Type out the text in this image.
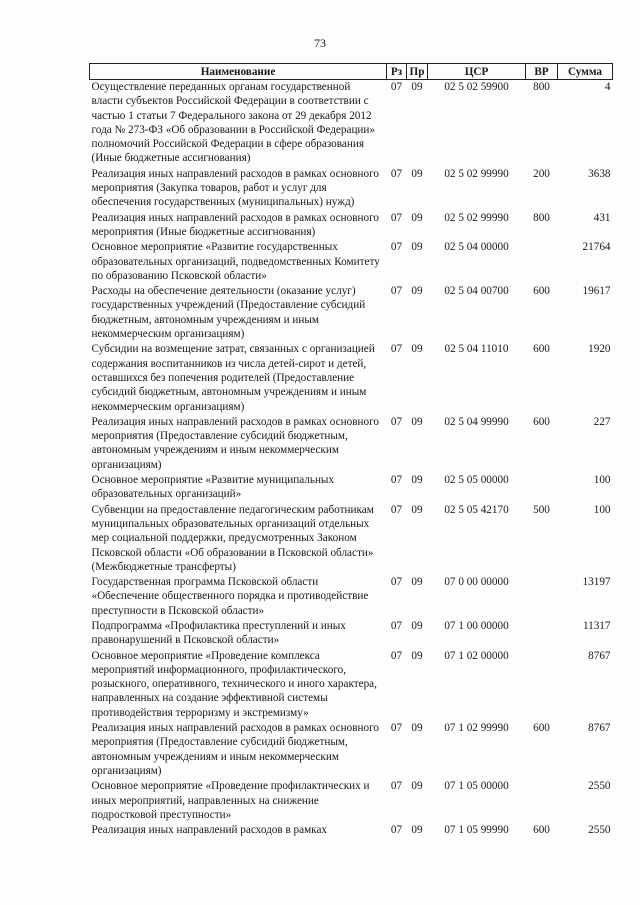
73
Наименование	Рз	Пр	ЦСР	ВР	Сумма
Осуществление переданных органам государственной власти субъектов Российской Федерации в соответствии с частью 1 статьи 7 Федерального закона от 29 декабря 2012 года № 273-ФЗ «Об образовании в Российской Федерации» полномочий Российской Федерации в сфере образования (Иные бюджетные ассигнования)	07	09	02 5 02 59900	800	4
Реализация иных направлений расходов в рамках основного мероприятия (Закупка товаров, работ и услуг для обеспечения государственных (муниципальных) нужд)	07	09	02 5 02 99990	200	3638
Реализация иных направлений расходов в рамках основного мероприятия (Иные бюджетные ассигнования)	07	09	02 5 02 99990	800	431
Основное мероприятие «Развитие государственных образовательных организаций, подведомственных Комитету по образованию Псковской области»	07	09	02 5 04 00000		21764
Расходы на обеспечение деятельности (оказание услуг) государственных учреждений (Предоставление субсидий бюджетным, автономным учреждениям и иным некоммерческим организациям)	07	09	02 5 04 00700	600	19617
Субсидии на возмещение затрат, связанных с организацией содержания воспитанников из числа детей-сирот и детей, оставшихся без попечения родителей (Предоставление субсидий бюджетным, автономным учреждениям и иным некоммерческим организациям)	07	09	02 5 04 11010	600	1920
Реализация иных направлений расходов в рамках основного мероприятия (Предоставление субсидий бюджетным, автономным учреждениям и иным некоммерческим организациям)	07	09	02 5 04 99990	600	227
Основное мероприятие «Развитие муниципальных образовательных организаций»	07	09	02 5 05 00000		100
Субвенции на предоставление педагогическим работникам муниципальных образовательных организаций отдельных мер социальной поддержки, предусмотренных Законом Псковской области «Об образовании в Псковской области» (Межбюджетные трансферты)	07	09	02 5 05 42170	500	100
Государственная программа Псковской области «Обеспечение общественного порядка и противодействие преступности в Псковской области»	07	09	07 0 00 00000		13197
Подпрограмма «Профилактика преступлений и иных правонарушений в Псковской области»	07	09	07 1 00 00000		11317
Основное мероприятие «Проведение комплекса мероприятий информационного, профилактического, розыскного, оперативного, технического и иного характера, направленных на создание эффективной системы противодействия терроризму и экстремизму»	07	09	07 1 02 00000		8767
Реализация иных направлений расходов в рамках основного мероприятия (Предоставление субсидий бюджетным, автономным учреждениям и иным некоммерческим организациям)	07	09	07 1 02 99990	600	8767
Основное мероприятие «Проведение профилактических и иных мероприятий, направленных на снижение подростковой преступности»	07	09	07 1 05 00000		2550
Реализация иных направлений расходов в рамках	07	09	07 1 05 99990	600	2550
